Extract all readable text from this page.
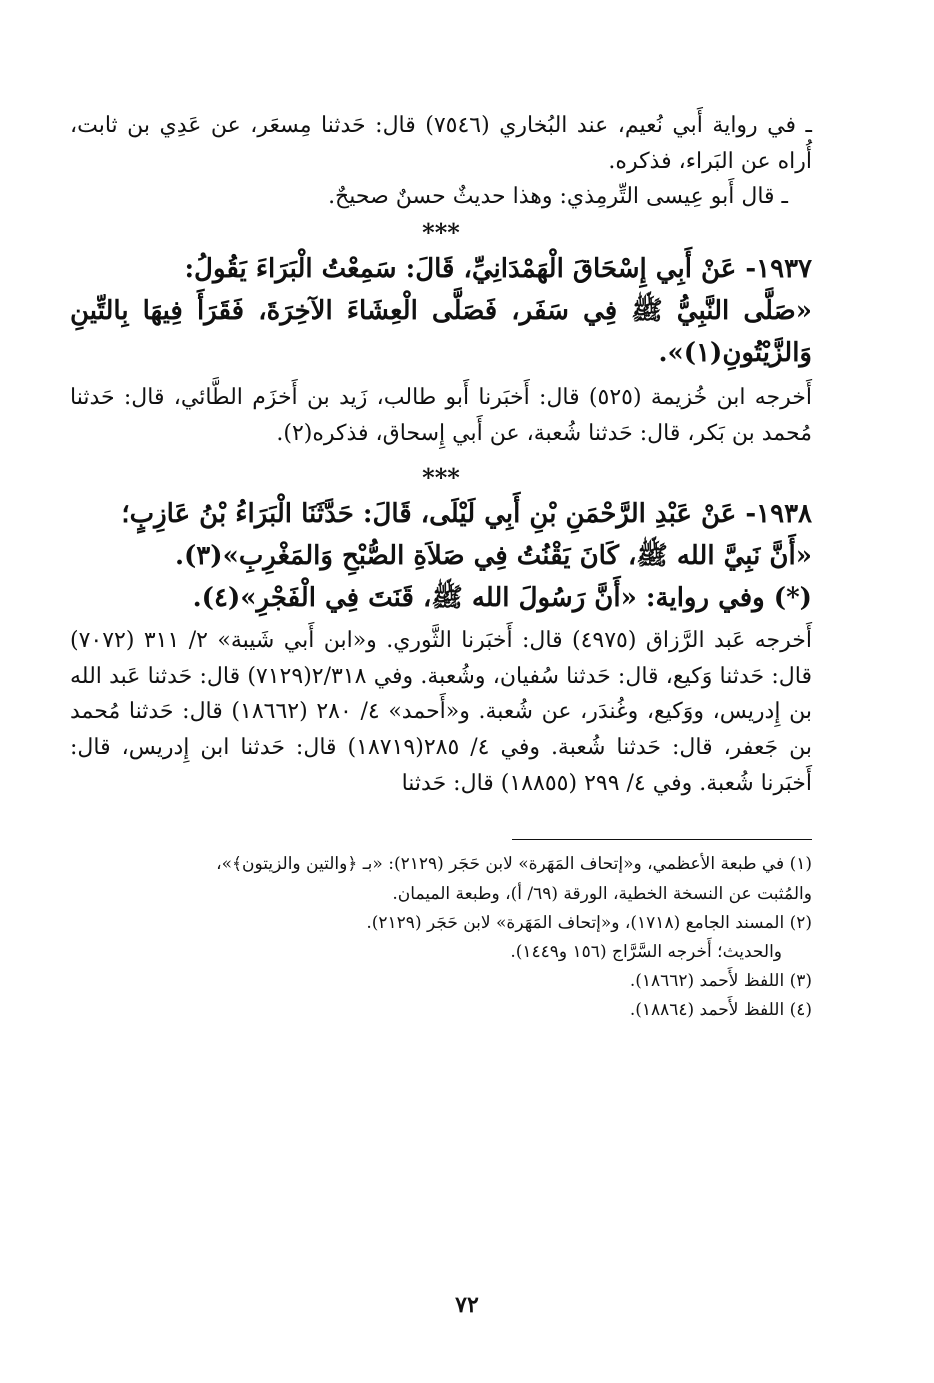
ـ في رواية أَبي نُعيم، عند البُخاري (٧٥٤٦) قال: حَدثنا مِسعَر، عن عَدِي بن ثابت، أُراه عن البَراء، فذكره.

ـ قال أَبو عِيسى التِّرمِذي: وهذا حديثٌ حسنٌ صحيحٌ.

***

١٩٣٧- عَنْ أَبِي إِسْحَاقَ الْهَمْدَانِيِّ، قَالَ: سَمِعْتُ الْبَرَاءَ يَقُولُ:

«صَلَّى النَّبِيُّ ﷺ فِي سَفَر، فَصَلَّى الْعِشَاءَ الآخِرَةَ، فَقَرَأَ فِيهَا بِالتِّينِ وَالزَّيْتُونِ(١)».

أَخرجه ابن خُزيمة (٥٢٥) قال: أَخبَرنا أَبو طالب، زَيد بن أَخزَم الطَّائي، قال: حَدثنا مُحمد بن بَكر، قال: حَدثنا شُعبة، عن أَبي إِسحاق، فذكره(٢).

***

١٩٣٨- عَنْ عَبْدِ الرَّحْمَنِ بْنِ أَبِي لَيْلَى، قَالَ: حَدَّثَنَا الْبَرَاءُ بْنُ عَازِبٍ؛

«أَنَّ نَبِيَّ الله ﷺ، كَانَ يَقْنُتُ فِي صَلاَةِ الصُّبْحِ وَالمَغْرِبِ»(٣).

(*) وفي رواية: «أَنَّ رَسُولَ الله ﷺ، قَنَتَ فِي الْفَجْرِ»(٤).

أَخرجه عَبد الرَّزاق (٤٩٧٥) قال: أَخبَرنا الثَّوري. و«ابن أَبي شَيبة» ٢/ ٣١١ (٧٠٧٢) قال: حَدثنا وَكيع، قال: حَدثنا سُفيان، وشُعبة. وفي ٢/٣١٨(٧١٢٩) قال: حَدثنا عَبد الله بن إِدريس، ووَكيع، وغُندَر، عن شُعبة. و«أَحمد» ٤/ ٢٨٠ (١٨٦٦٢) قال: حَدثنا مُحمد بن جَعفر، قال: حَدثنا شُعبة. وفي ٤/ ٢٨٥(١٨٧١٩) قال: حَدثنا ابن إِدريس، قال: أَخبَرنا شُعبة. وفي ٤/ ٢٩٩ (١٨٨٥٥) قال: حَدثنا

(١) في طبعة الأعظمي، و«إتحاف المَهَرة» لابن حَجَر (٢١٢٩): «بـ ﴿والتين والزيتون﴾»،

والمُثبت عن النسخة الخطية، الورقة (٦٩/ أ)، وطبعة الميمان.

(٢) المسند الجامع (١٧١٨)، و«إتحاف المَهَرة» لابن حَجَر (٢١٢٩).

والحديث؛ أَخرجه السَّرَّاج (١٥٦ و١٤٤٩).

(٣) اللفظ لأَحمد (١٨٦٦٢).

(٤) اللفظ لأَحمد (١٨٨٦٤).

٧٢
